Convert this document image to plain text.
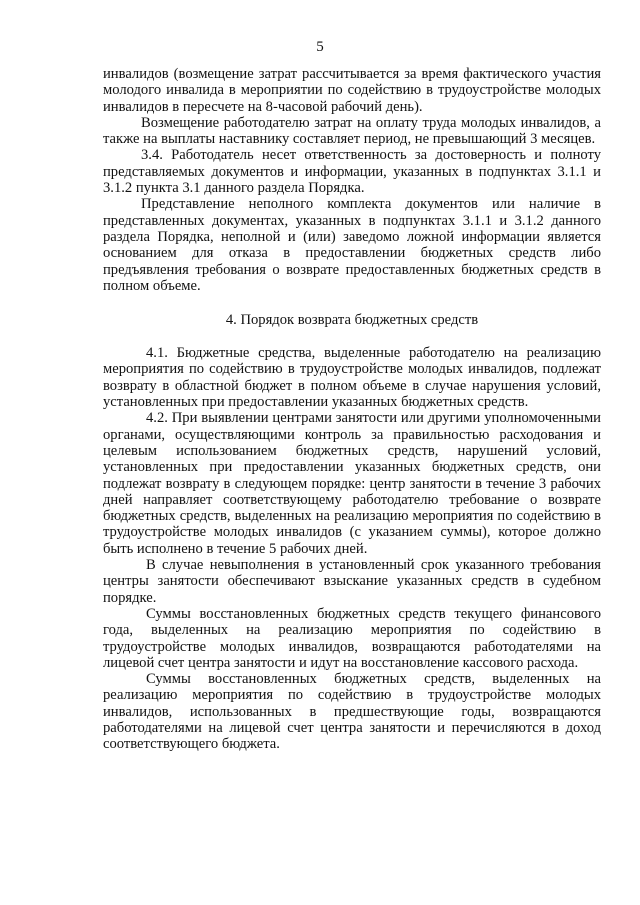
5

инвалидов (возмещение затрат рассчитывается за время фактического участия молодого инвалида в мероприятии по содействию в трудоустройстве молодых инвалидов в пересчете на 8-часовой рабочий день).

Возмещение работодателю затрат на оплату труда молодых инвалидов, а также на выплаты наставнику составляет период, не превышающий 3 месяцев.

3.4. Работодатель несет ответственность за достоверность и полноту представляемых документов и информации, указанных в подпунктах 3.1.1 и 3.1.2 пункта 3.1 данного раздела Порядка.

Представление неполного комплекта документов или наличие в представленных документах, указанных в подпунктах 3.1.1 и 3.1.2 данного раздела Порядка, неполной и (или) заведомо ложной информации является основанием для отказа в предоставлении бюджетных средств либо предъявления требования о возврате предоставленных бюджетных средств в полном объеме.

4. Порядок возврата бюджетных средств

4.1. Бюджетные средства, выделенные работодателю на реализацию мероприятия по содействию в трудоустройстве молодых инвалидов, подлежат возврату в областной бюджет в полном объеме в случае нарушения условий, установленных при предоставлении указанных бюджетных средств.

4.2. При выявлении центрами занятости или другими уполномоченными органами, осуществляющими контроль за правильностью расходования и целевым использованием бюджетных средств, нарушений условий, установленных при предоставлении указанных бюджетных средств, они подлежат возврату в следующем порядке: центр занятости в течение 3 рабочих дней направляет соответствующему работодателю требование о возврате бюджетных средств, выделенных на реализацию мероприятия по содействию в трудоустройстве молодых инвалидов (с указанием суммы), которое должно быть исполнено в течение 5 рабочих дней.

В случае невыполнения в установленный срок указанного требования центры занятости обеспечивают взыскание указанных средств в судебном порядке.

Суммы восстановленных бюджетных средств текущего финансового года, выделенных на реализацию мероприятия по содействию в трудоустройстве молодых инвалидов, возвращаются работодателями на лицевой счет центра занятости и идут на восстановление кассового расхода.

Суммы восстановленных бюджетных средств, выделенных на реализацию мероприятия по содействию в трудоустройстве молодых инвалидов, использованных в предшествующие годы, возвращаются работодателями на лицевой счет центра занятости и перечисляются в доход соответствующего бюджета.
